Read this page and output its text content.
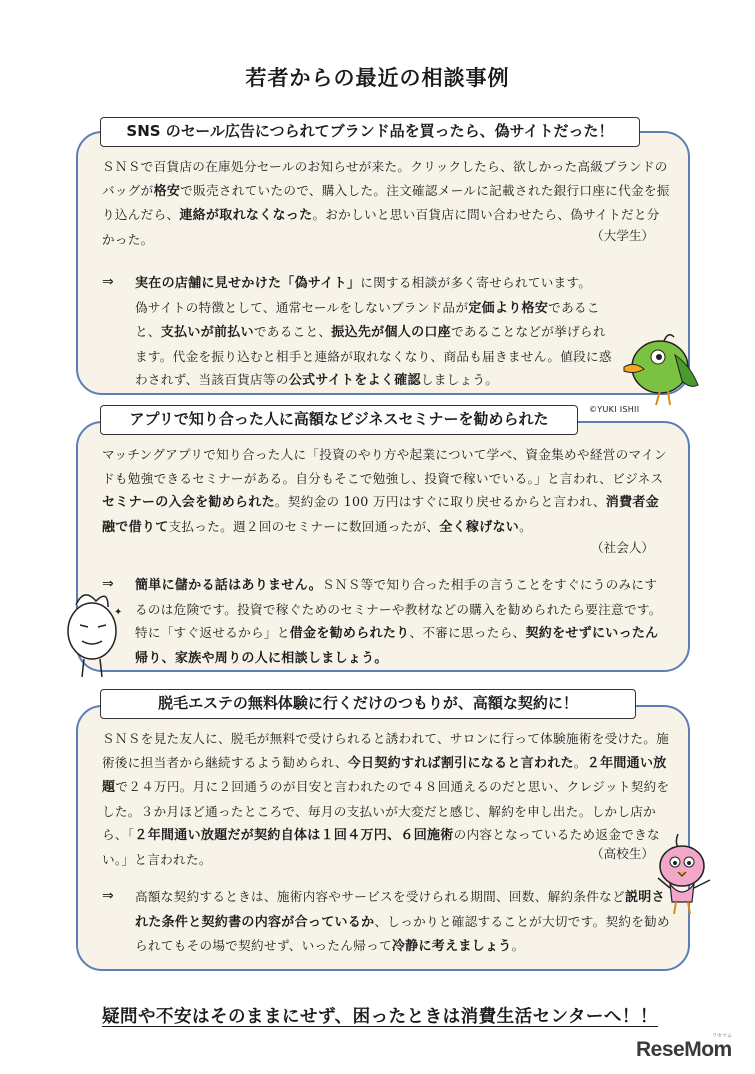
若者からの最近の相談事例
ＳＮＳで百貨店の在庫処分セールのお知らせが来た。クリックしたら、欲しかった高級ブランドのバッグが格安で販売されていたので、購入した。注文確認メールに記載された銀行口座に代金を振り込んだら、連絡が取れなくなった。おかしいと思い百貨店に問い合わせたら、偽サイトだと分かった。	（大学生）
⇒ 実在の店舗に見せかけた「偽サイト」に関する相談が多く寄せられています。
偽サイトの特徴として、通常セールをしないブランド品が定価より格安であること、支払いが前払いであること、振込先が個人の口座であることなどが挙げられます。代金を振り込むと相手と連絡が取れなくなり、商品も届きません。値段に惑わされず、当該百貨店等の公式サイトをよく確認しましょう。
SNS のセール広告につられてブランド品を買ったら、偽サイトだった！
マッチングアプリで知り合った人に「投資のやり方や起業について学べ、資金集めや経営のマインドも勉強できるセミナーがある。自分もそこで勉強し、投資で稼いでいる。」と言われ、ビジネスセミナーの入会を勧められた。契約金の 100 万円はすぐに取り戻せるからと言われ、消費者金融で借りて支払った。週２回のセミナーに数回通ったが、全く稼げない。
（社会人）
⇒ 簡単に儲かる話はありません。ＳＮＳ等で知り合った相手の言うことをすぐにうのみにするのは危険です。投資で稼ぐためのセミナーや教材などの購入を勧められたら要注意です。特に「すぐ返せるから」と借金を勧められたり、不審に思ったら、契約をせずにいったん帰り、家族や周りの人に相談しましょう。
アプリで知り合った人に高額なビジネスセミナーを勧められた
ＳＮＳを見た友人に、脱毛が無料で受けられると誘われて、サロンに行って体験施術を受けた。施術後に担当者から継続するよう勧められ、今日契約すれば割引になると言われた。２年間通い放題で２４万円。月に２回通うのが目安と言われたので４８回通えるのだと思い、クレジット契約をした。３か月ほど通ったところで、毎月の支払いが大変だと感じ、解約を申し出た。しかし店から、「２年間通い放題だが契約自体は１回４万円、６回施術の内容となっているため返金できない。」と言われた。	（高校生）
⇒ 高額な契約するときは、施術内容やサービスを受けられる期間、回数、解約条件など説明された条件と契約書の内容が合っているか、しっかりと確認することが大切です。契約を勧められてもその場で契約せず、いったん帰って冷静に考えましょう。
脱毛エステの無料体験に行くだけのつもりが、高額な契約に！
✦
©YUKI ISHII
疑問や不安はそのままにせず、困ったときは消費生活センターへ！！
ReseMom
リセマム
